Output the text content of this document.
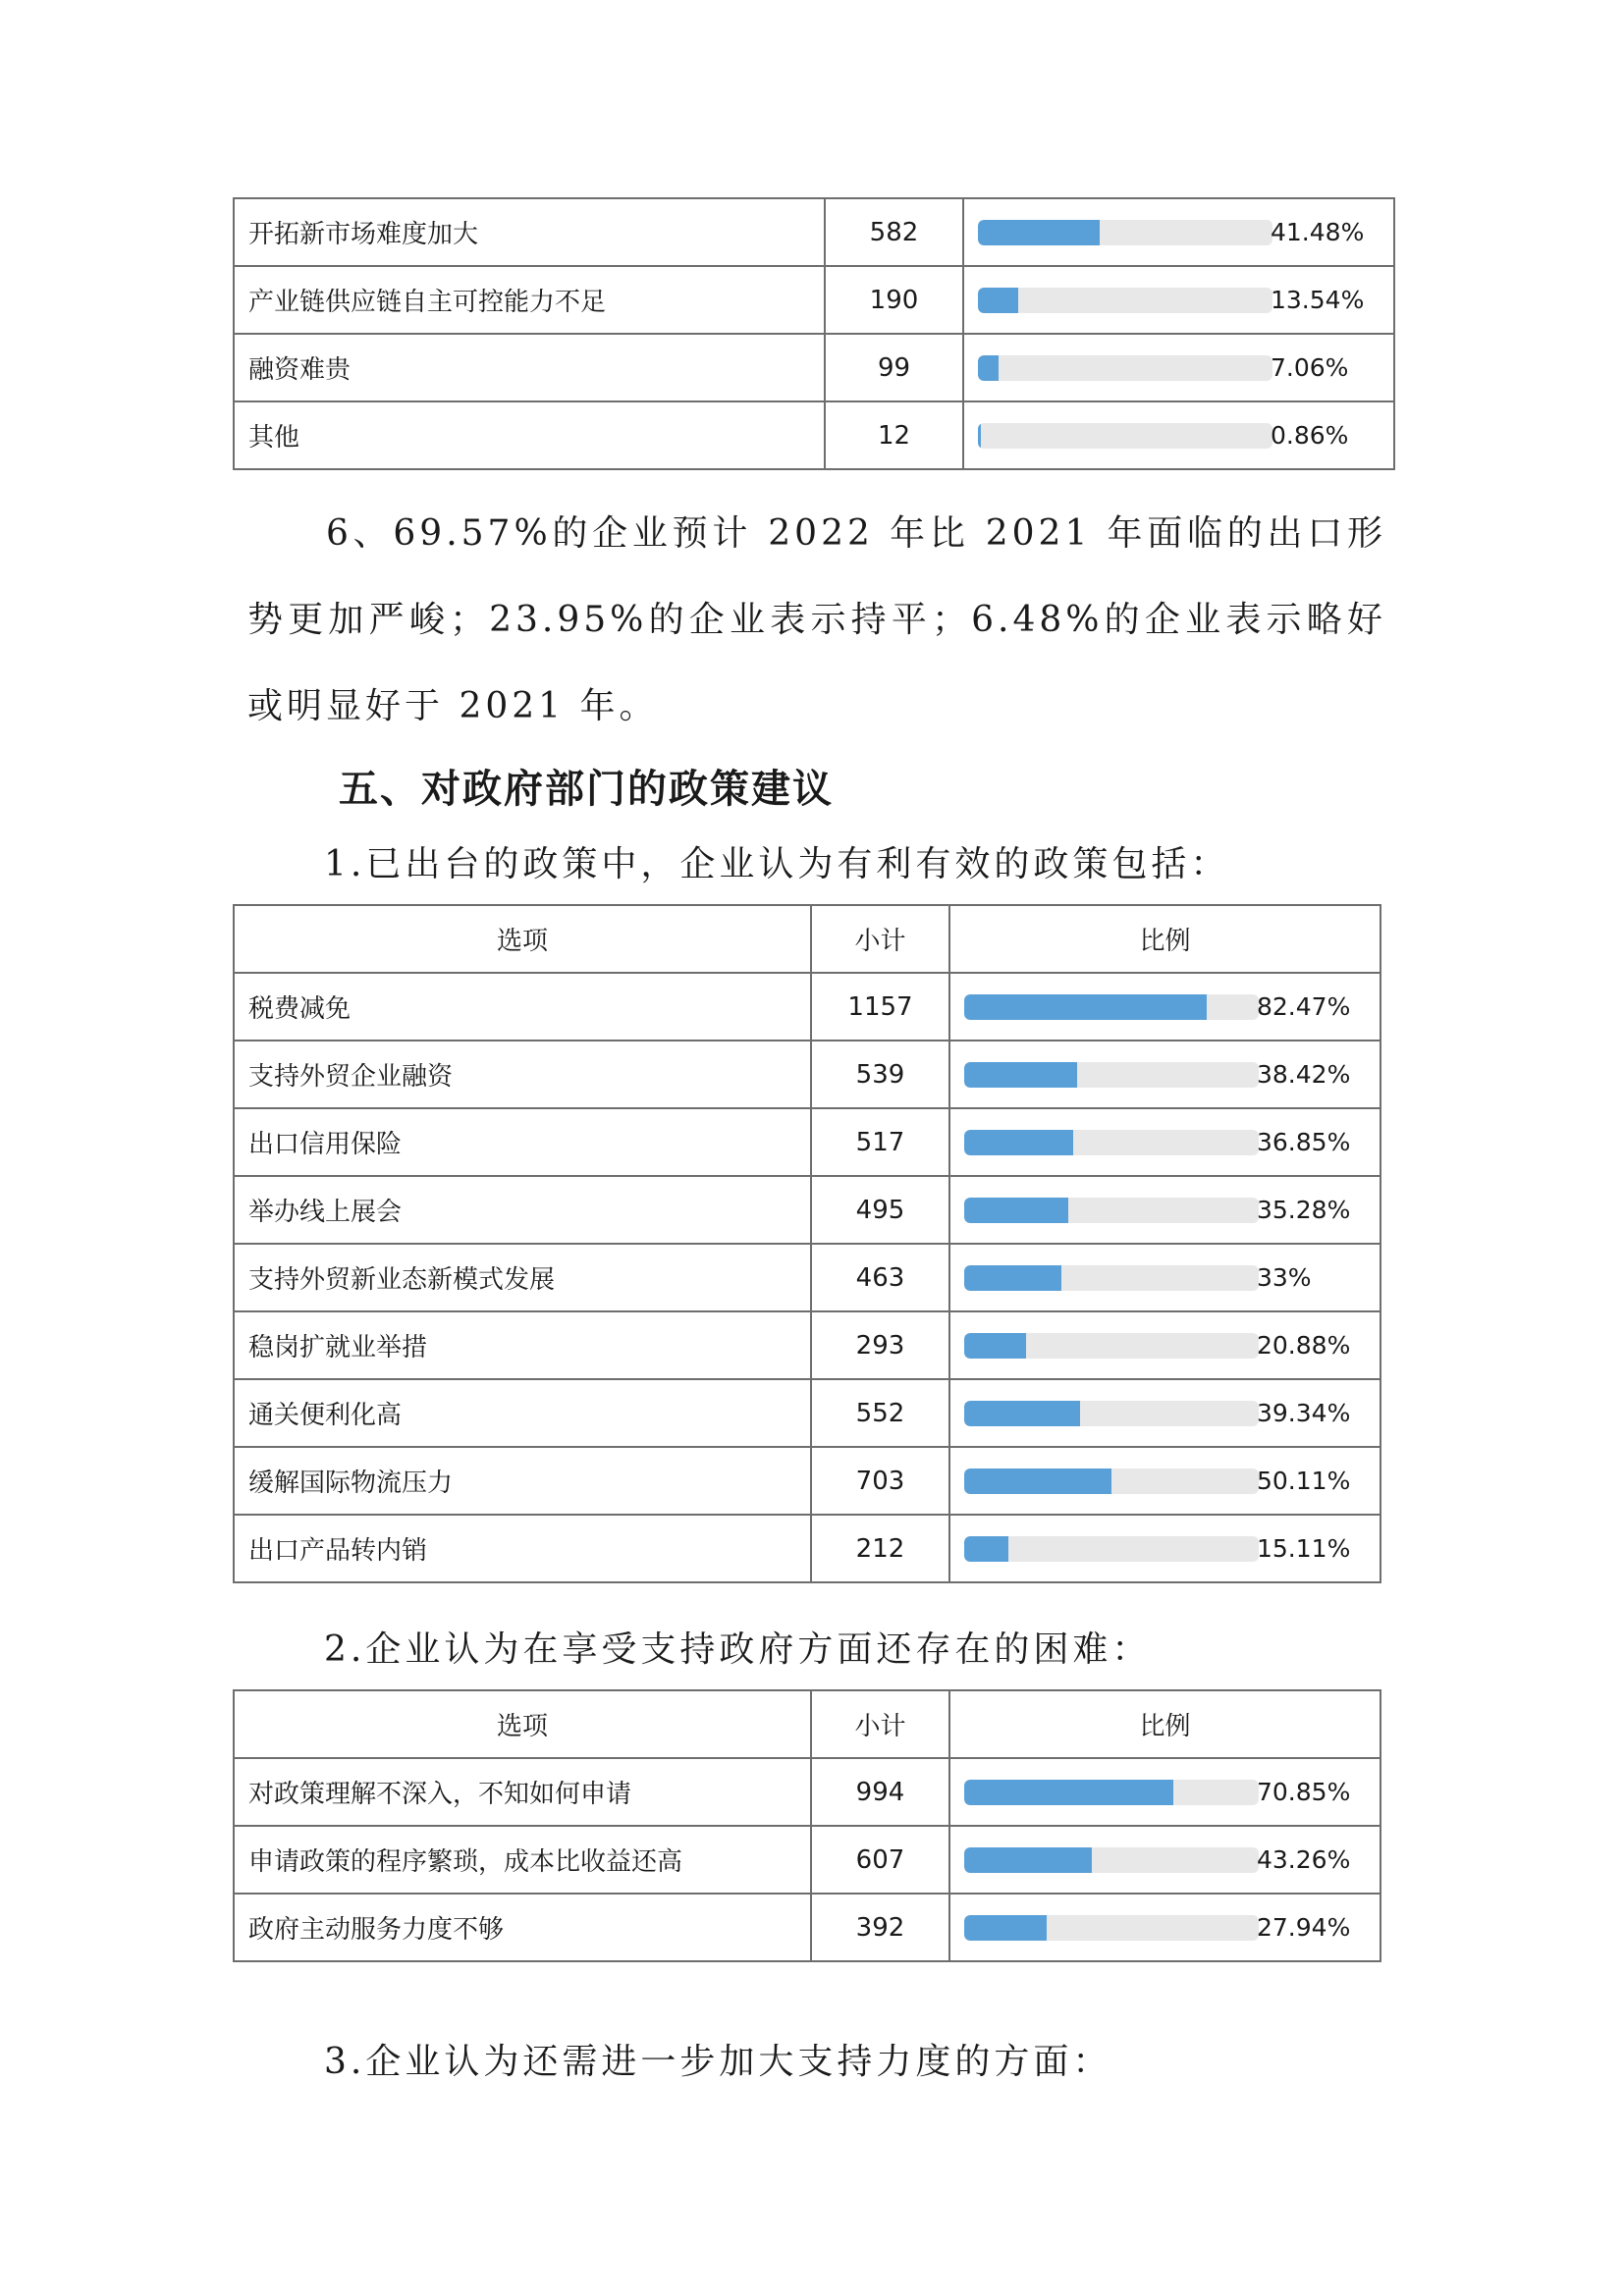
开拓新市场难度加大	582	41.48%

产业链供应链自主可控能力不足	190	13.54%

融资难贵	99	7.06%

其他	12	0.86%

6、69.57%的企业预计 2022 年比 2021 年面临的出口形势更加严峻；23.95%的企业表示持平；6.48%的企业表示略好或明显好于 2021 年。

五、对政府部门的政策建议

1.已出台的政策中，企业认为有利有效的政策包括：

选项	小计	比例
税费减免	1157	82.47%

支持外贸企业融资	539	38.42%

出口信用保险	517	36.85%

举办线上展会	495	35.28%

支持外贸新业态新模式发展	463	33%

稳岗扩就业举措	293	20.88%

通关便利化高	552	39.34%

缓解国际物流压力	703	50.11%

出口产品转内销	212	15.11%

2.企业认为在享受支持政府方面还存在的困难：

选项	小计	比例
对政策理解不深入，不知如何申请	994	70.85%

申请政策的程序繁琐，成本比收益还高	607	43.26%

政府主动服务力度不够	392	27.94%

3.企业认为还需进一步加大支持力度的方面：
